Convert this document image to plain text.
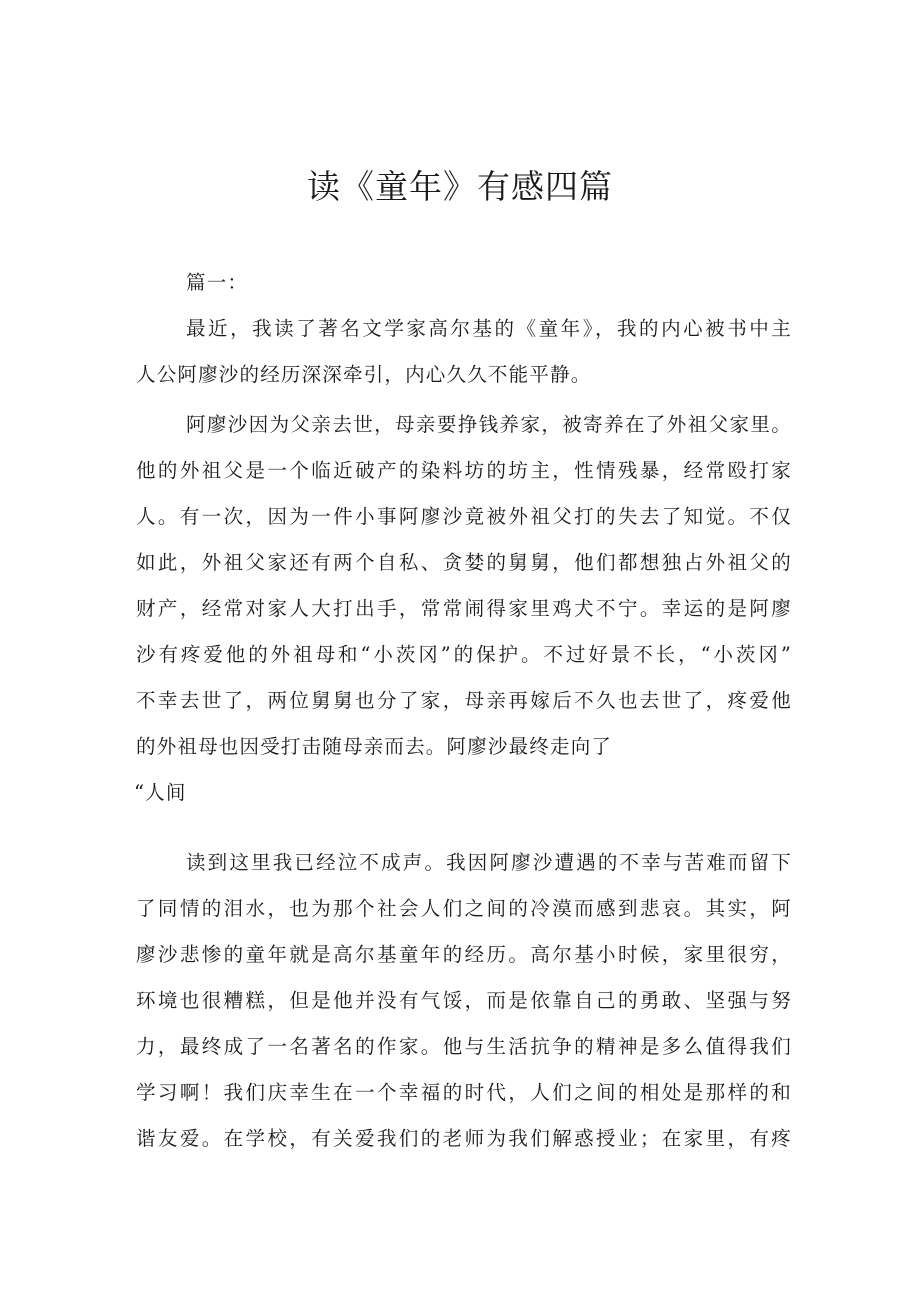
读《童年》有感四篇
篇一：
最近，我读了著名文学家高尔基的《童年》，我的内心被书中主
人公阿廖沙的经历深深牵引，内心久久不能平静。
阿廖沙因为父亲去世，母亲要挣钱养家，被寄养在了外祖父家里。
他的外祖父是一个临近破产的染料坊的坊主，性情残暴，经常殴打家
人。有一次，因为一件小事阿廖沙竟被外祖父打的失去了知觉。不仅
如此，外祖父家还有两个自私、贪婪的舅舅，他们都想独占外祖父的
财产，经常对家人大打出手，常常闹得家里鸡犬不宁。幸运的是阿廖
沙有疼爱他的外祖母和“小茨冈”的保护。不过好景不长，“小茨冈”
不幸去世了，两位舅舅也分了家，母亲再嫁后不久也去世了，疼爱他
的外祖母也因受打击随母亲而去。阿廖沙最终走向了
“人间
读到这里我已经泣不成声。我因阿廖沙遭遇的不幸与苦难而留下
了同情的泪水，也为那个社会人们之间的冷漠而感到悲哀。其实，阿
廖沙悲惨的童年就是高尔基童年的经历。高尔基小时候，家里很穷，
环境也很糟糕，但是他并没有气馁，而是依靠自己的勇敢、坚强与努
力，最终成了一名著名的作家。他与生活抗争的精神是多么值得我们
学习啊！我们庆幸生在一个幸福的时代，人们之间的相处是那样的和
谐友爱。在学校，有关爱我们的老师为我们解惑授业；在家里，有疼
